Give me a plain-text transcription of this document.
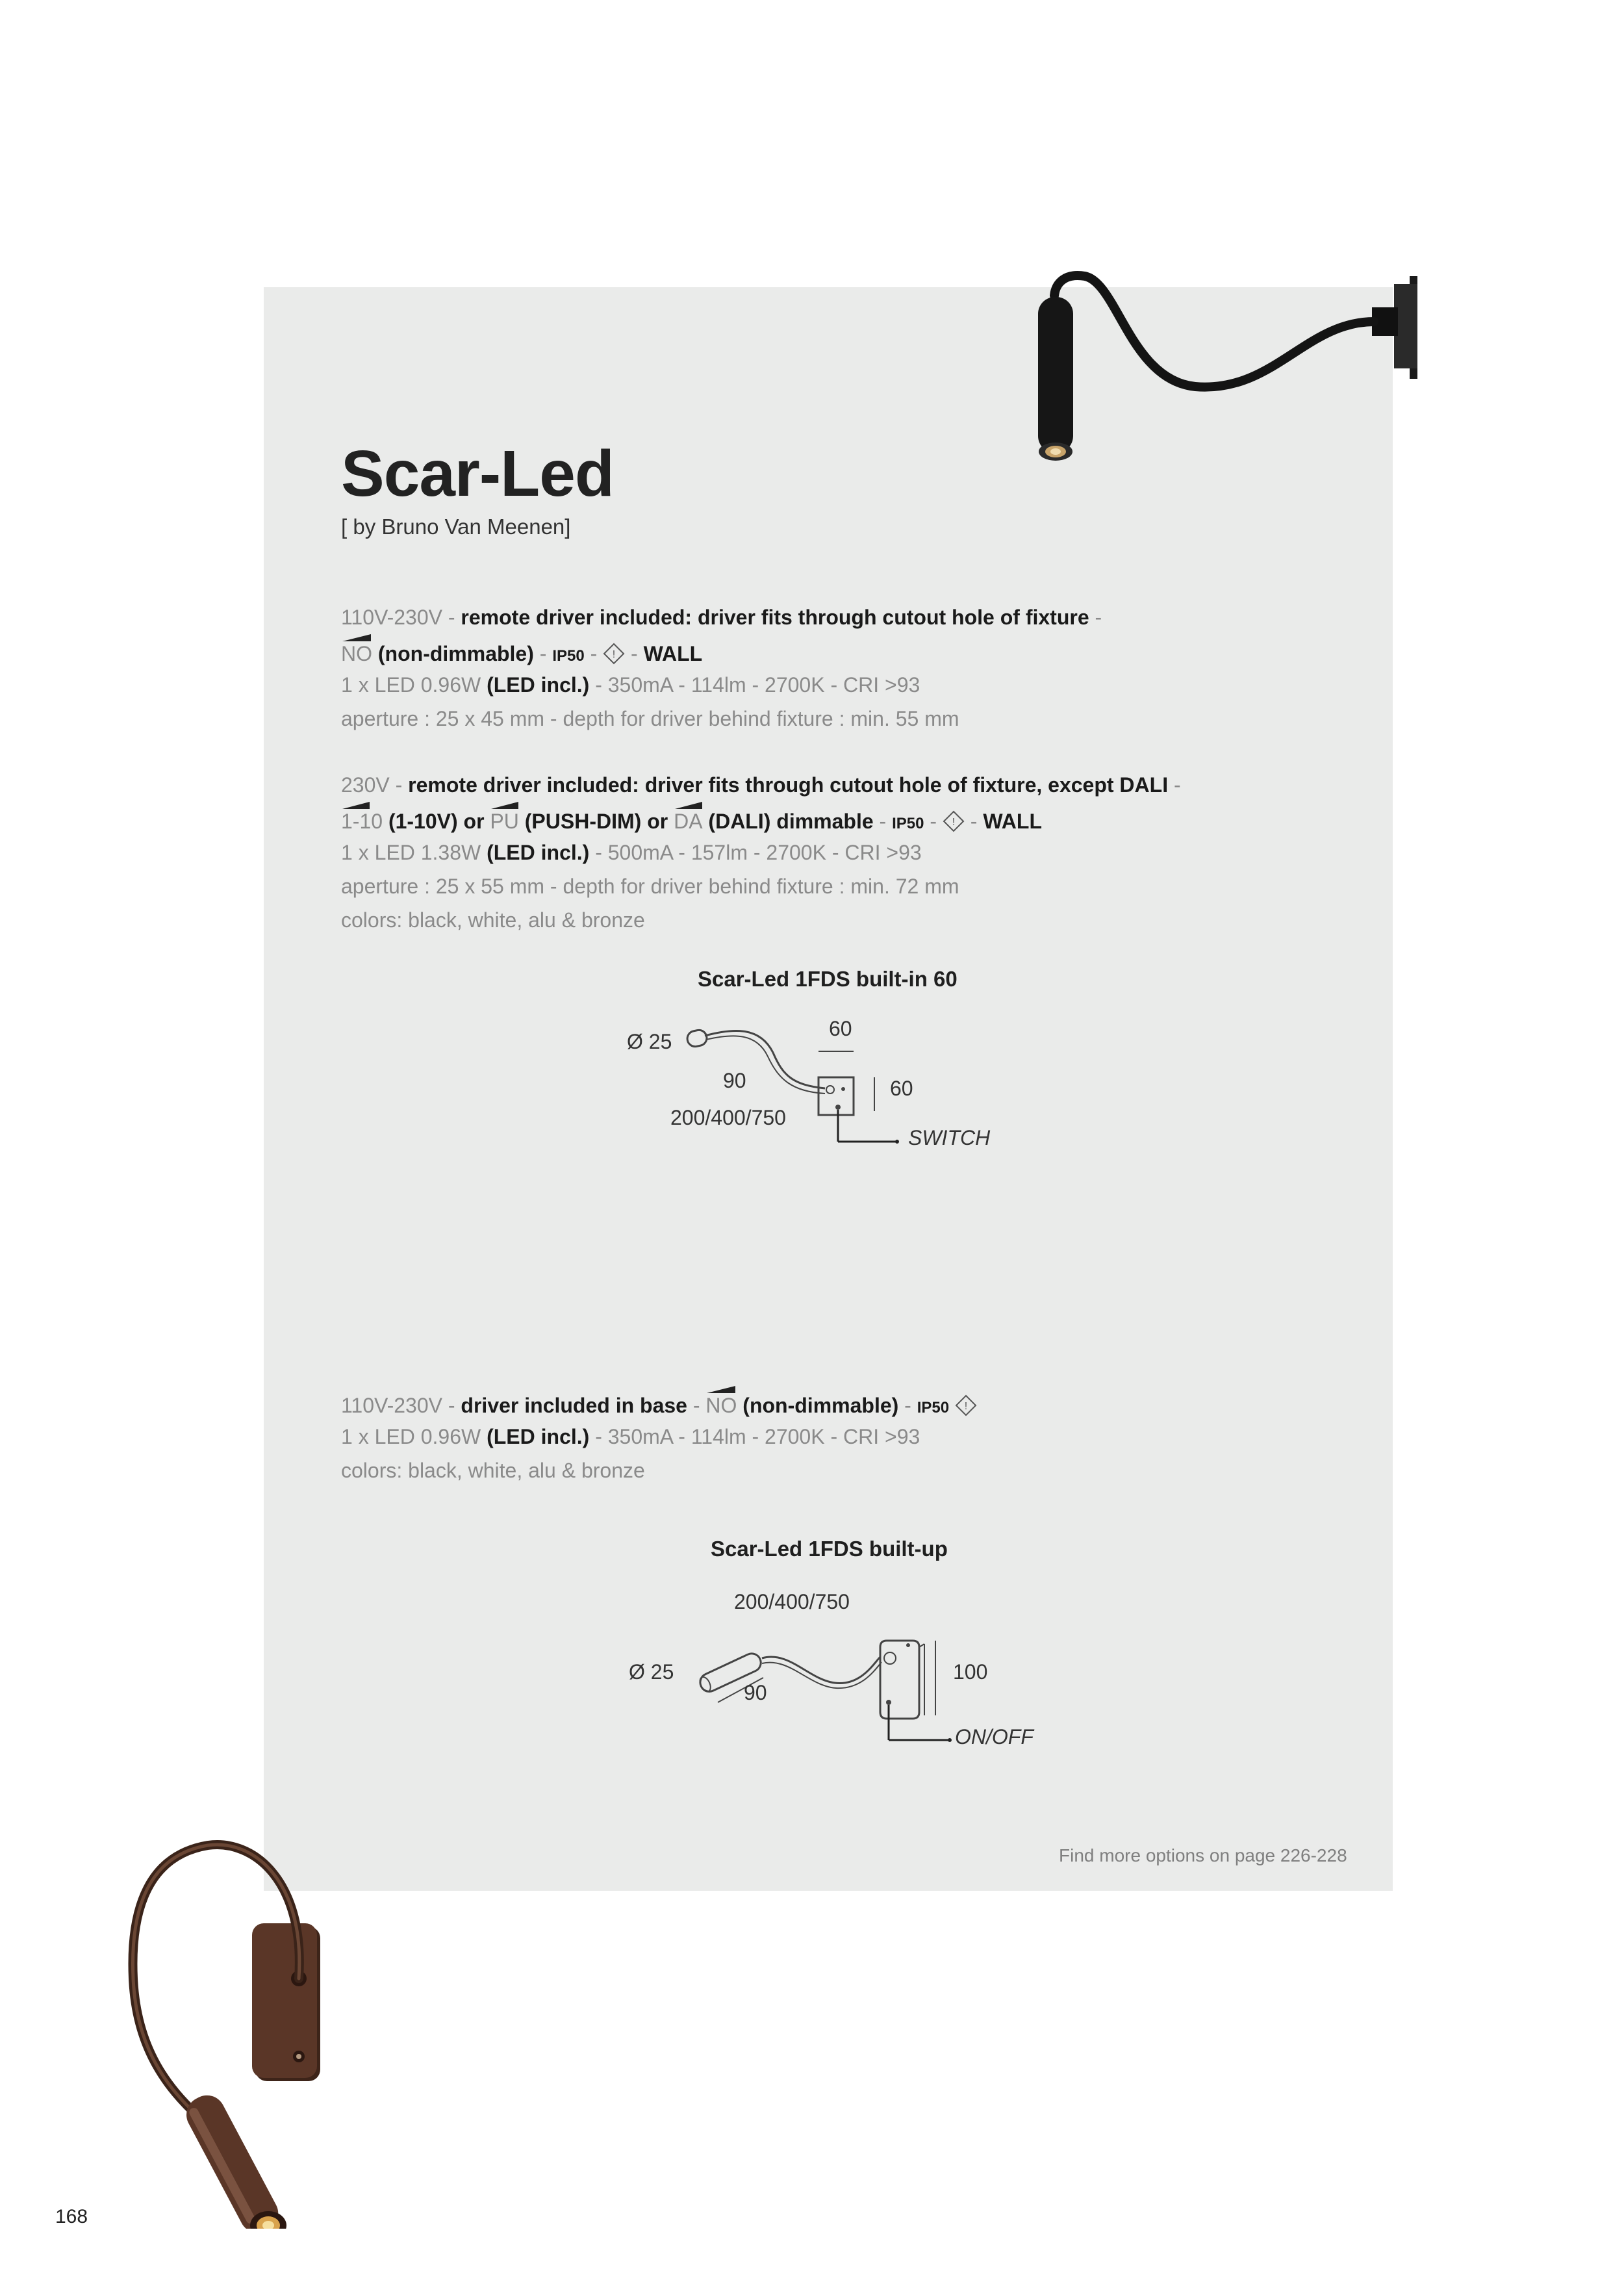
Scar-Led
[ by Bruno Van Meenen]
110V-230V - remote driver included: driver fits through cutout hole of fixture -
NO (non-dimmable) - IP50 - ! - WALL
1 x LED 0.96W (LED incl.) - 350mA - 114lm - 2700K - CRI >93
aperture : 25 x 45 mm - depth for driver behind fixture : min. 55 mm
230V - remote driver included: driver fits through cutout hole of fixture, except DALI -
1-10 (1-10V) or
PU (PUSH-DIM) or
DA (DALI) dimmable - IP50 - ! - WALL
1 x LED 1.38W (LED incl.) - 500mA - 157lm - 2700K - CRI >93
aperture : 25 x 55 mm - depth for driver behind fixture : min. 72 mm
colors: black, white, alu & bronze
Scar-Led 1FDS built-in 60
Ø 25
60
90	60
200/400/750
SWITCH
110V-230V - driver included in base -
NO (non-dimmable) - IP50 !
1 x LED 0.96W (LED incl.) - 350mA - 114lm - 2700K - CRI >93
colors: black, white, alu & bronze
Scar-Led 1FDS built-up
200/400/750
Ø 25
90
100
ON/OFF
Find more options on page 226-228
168
